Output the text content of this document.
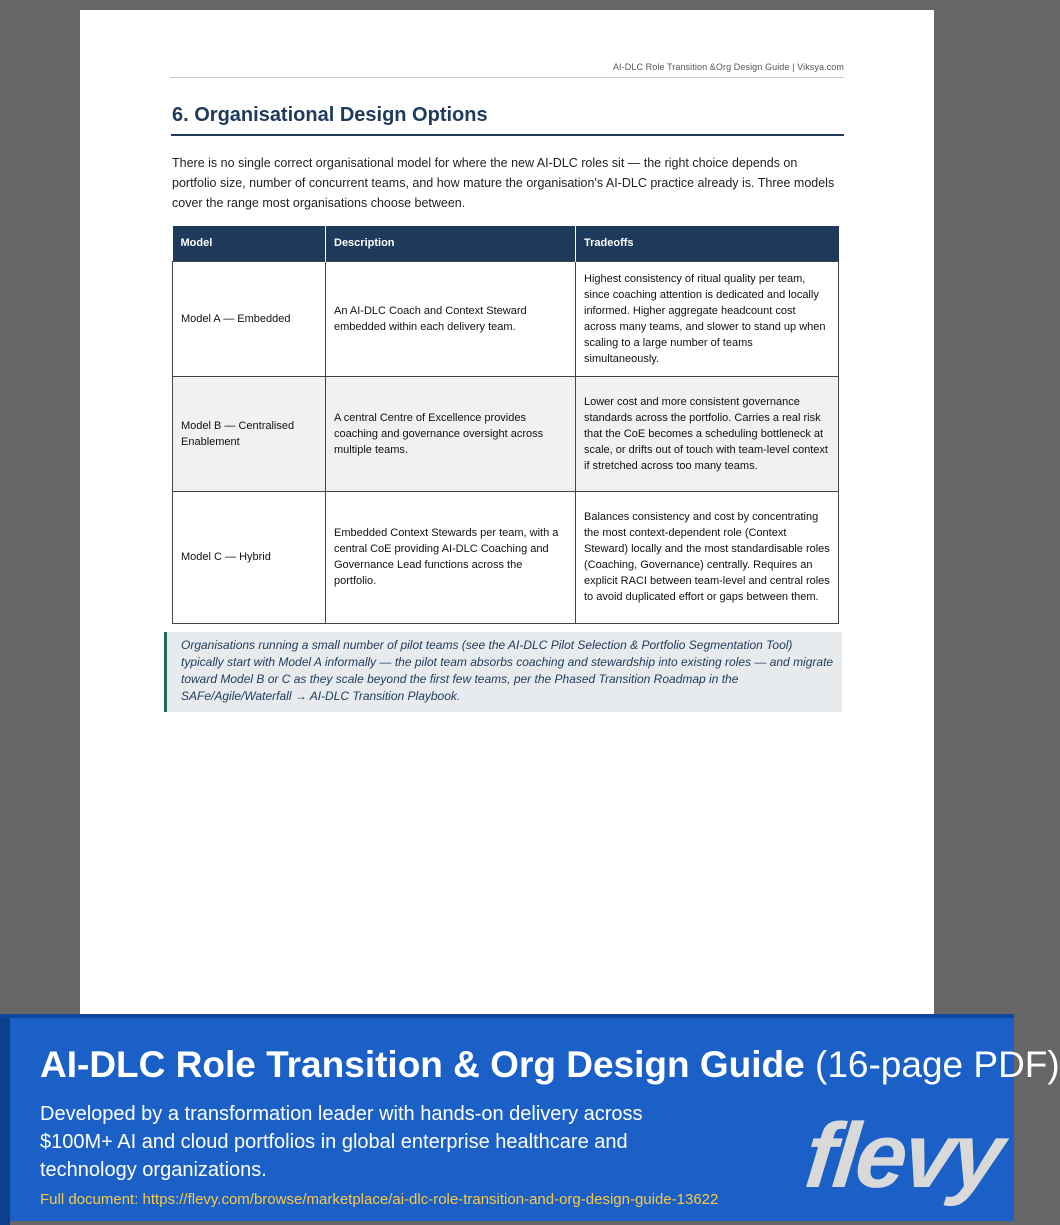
AI-DLC Role Transition &Org Design Guide | Viksya.com
6. Organisational Design Options

There is no single correct organisational model for where the new AI-DLC roles sit — the right choice depends on portfolio size, number of concurrent teams, and how mature the organisation's AI-DLC practice already is. Three models cover the range most organisations choose between.

Model	Description	Tradeoffs
Model A — Embedded	An AI-DLC Coach and Context Steward embedded within each delivery team.	Highest consistency of ritual quality per team, since coaching attention is dedicated and locally informed. Higher aggregate headcount cost across many teams, and slower to stand up when scaling to a large number of teams simultaneously.
Model B — Centralised Enablement	A central Centre of Excellence provides coaching and governance oversight across multiple teams.	Lower cost and more consistent governance standards across the portfolio. Carries a real risk that the CoE becomes a scheduling bottleneck at scale, or drifts out of touch with team-level context if stretched across too many teams.
Model C — Hybrid	Embedded Context Stewards per team, with a central CoE providing AI-DLC Coaching and Governance Lead functions across the portfolio.	Balances consistency and cost by concentrating the most context-dependent role (Context Steward) locally and the most standardisable roles (Coaching, Governance) centrally. Requires an explicit RACI between team-level and central roles to avoid duplicated effort or gaps between them.
Organisations running a small number of pilot teams (see the AI-DLC Pilot Selection & Portfolio Segmentation Tool) typically start with Model A informally — the pilot team absorbs coaching and stewardship into existing roles — and migrate toward Model B or C as they scale beyond the first few teams, per the Phased Transition Roadmap in the SAFe/Agile/Waterfall → AI-DLC Transition Playbook.
AI-DLC Role Transition & Org Design Guide (16-page PDF)
Developed by a transformation leader with hands-on delivery across $100M+ AI and cloud portfolios in global enterprise healthcare and technology organizations.
Full document: https://flevy.com/browse/marketplace/ai-dlc-role-transition-and-org-design-guide-13622 flevy
